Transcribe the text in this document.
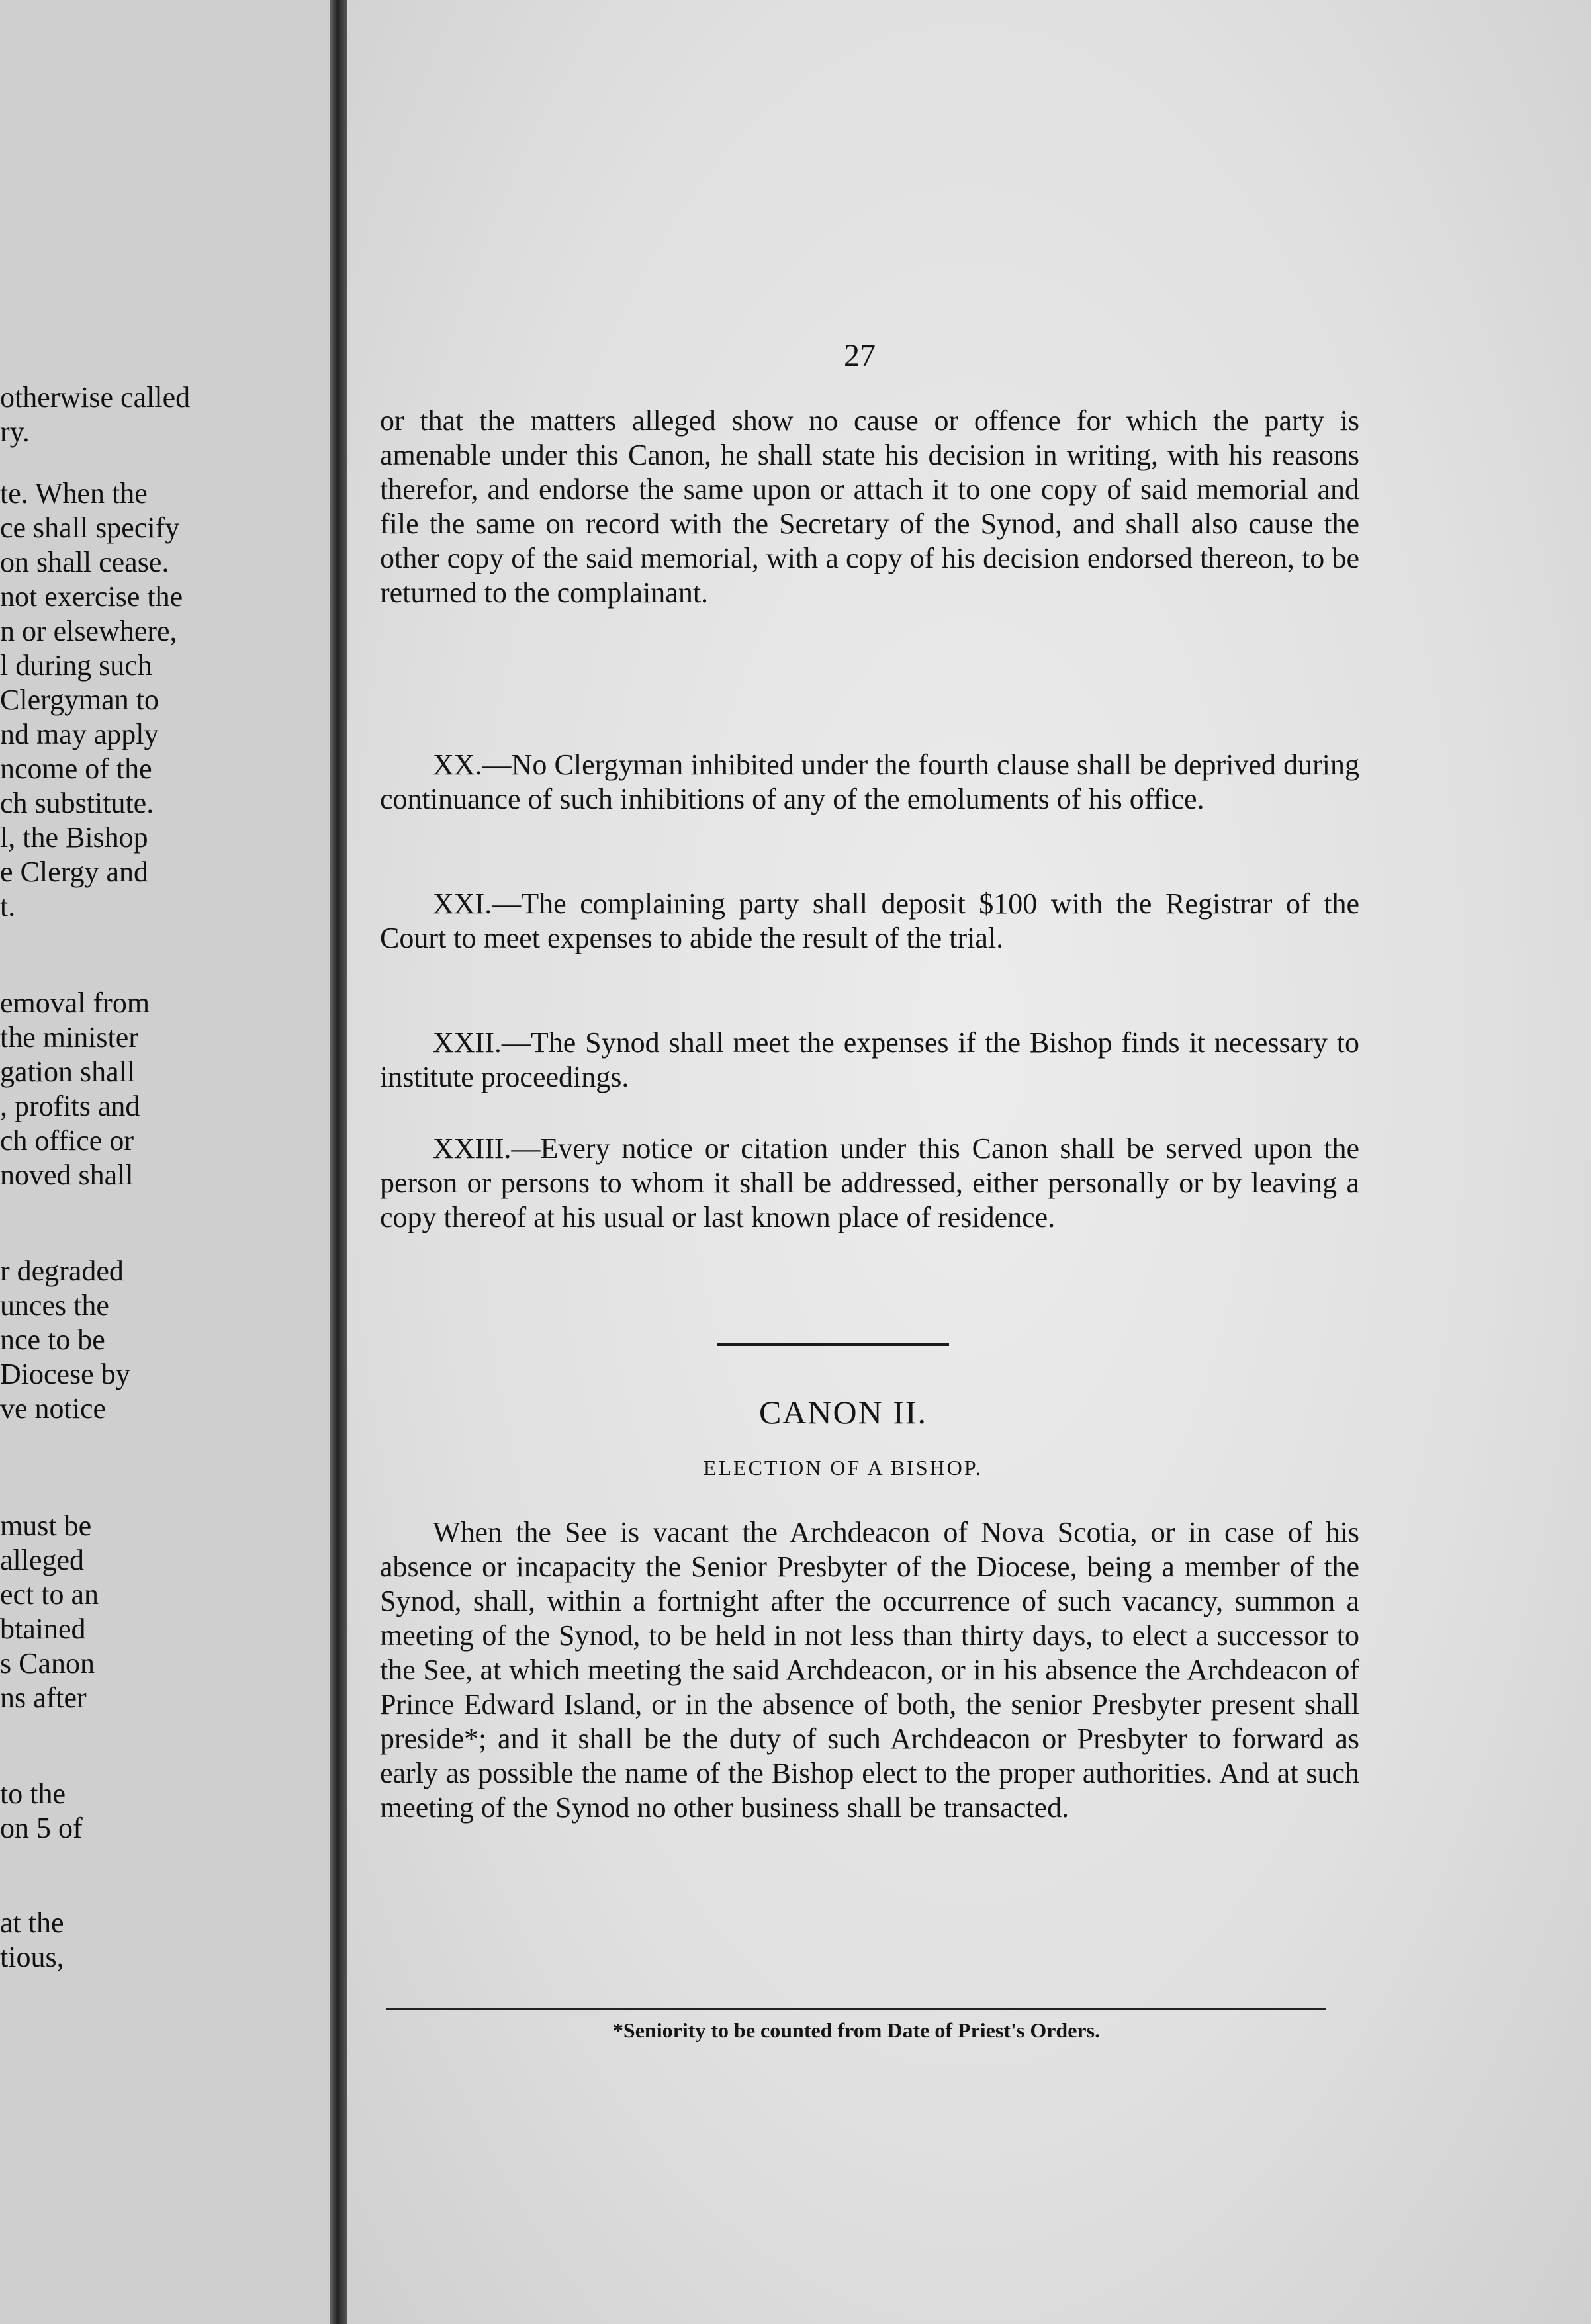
otherwise called
ry.
te. When the
ce shall specify
on shall cease.
not exercise the
n or elsewhere,
l during such
Clergyman to
nd may apply
ncome of the
ch substitute.
l, the Bishop
e Clergy and
t.
emoval from
the minister
gation shall
, profits and
ch office or
noved shall
r degraded
unces the
nce to be
Diocese by
ve notice
must be
alleged
ect to an
btained
s Canon
ns after
to the
on 5 of
at the
tious,
27
or that the matters alleged show no cause or offence for which the party is amenable under this Canon, he shall state his decision in writing, with his reasons therefor, and endorse the same upon or attach it to one copy of said memorial and file the same on record with the Secretary of the Synod, and shall also cause the other copy of the said memorial, with a copy of his decision endorsed thereon, to be returned to the complainant.
XX.—No Clergyman inhibited under the fourth clause shall be deprived during continuance of such inhibitions of any of the emoluments of his office.
XXI.—The complaining party shall deposit $100 with the Registrar of the Court to meet expenses to abide the result of the trial.
XXII.—The Synod shall meet the expenses if the Bishop finds it necessary to institute proceedings.
XXIII.—Every notice or citation under this Canon shall be served upon the person or persons to whom it shall be addressed, either personally or by leaving a copy thereof at his usual or last known place of residence.
CANON II.
ELECTION OF A BISHOP.
When the See is vacant the Archdeacon of Nova Scotia, or in case of his absence or incapacity the Senior Presbyter of the Diocese, being a member of the Synod, shall, within a fortnight after the occurrence of such vacancy, summon a meeting of the Synod, to be held in not less than thirty days, to elect a successor to the See, at which meeting the said Archdeacon, or in his absence the Archdeacon of Prince Edward Island, or in the absence of both, the senior Presbyter present shall preside*; and it shall be the duty of such Archdeacon or Presbyter to forward as early as possible the name of the Bishop elect to the proper authorities. And at such meeting of the Synod no other business shall be transacted.
*Seniority to be counted from Date of Priest's Orders.
